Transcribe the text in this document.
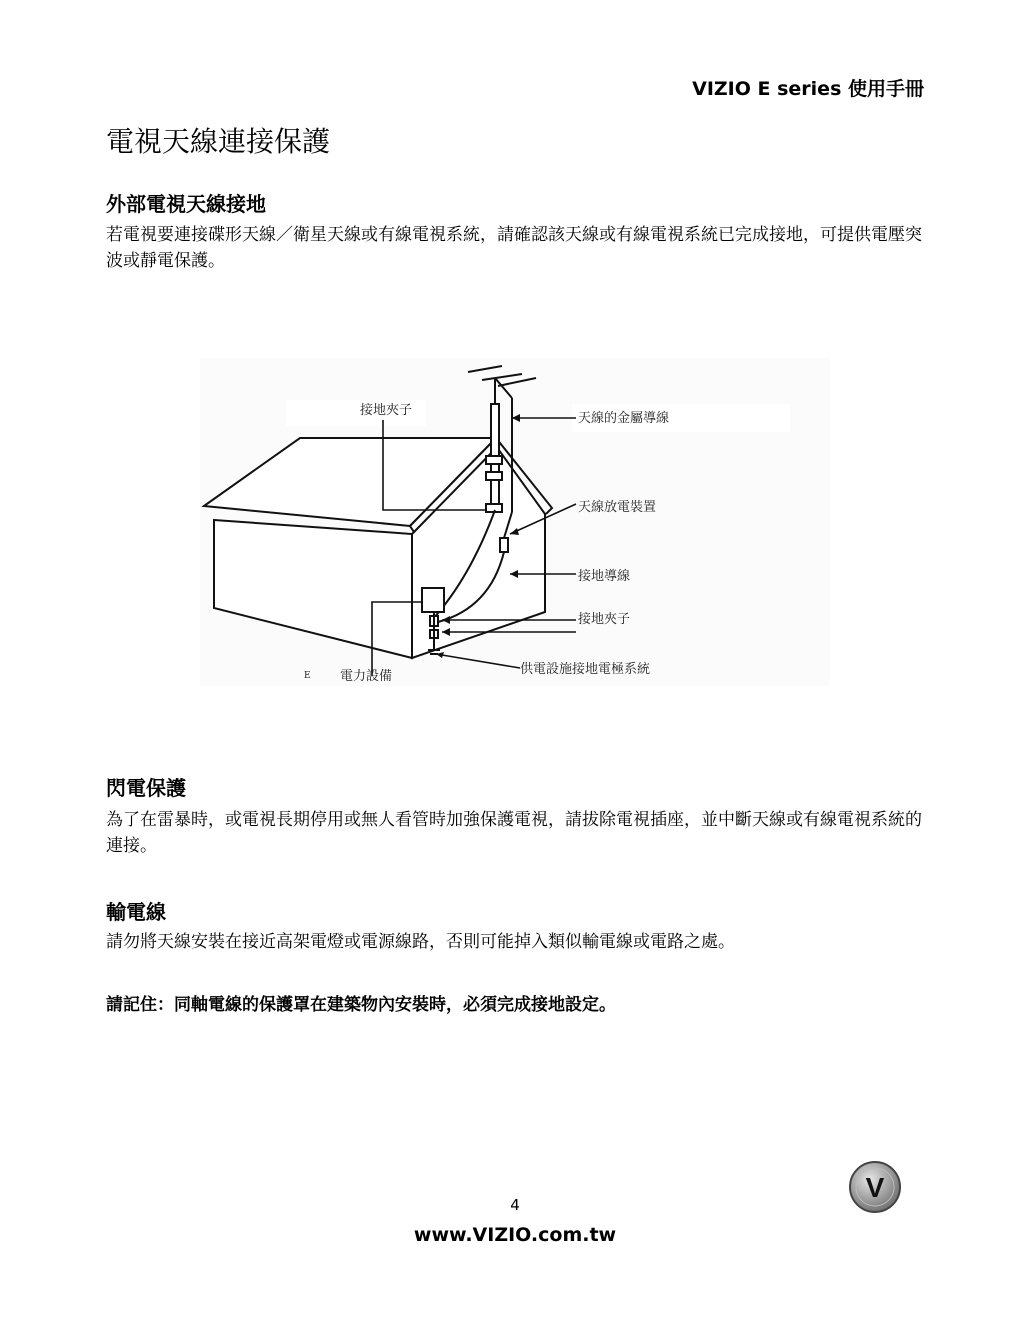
VIZIO E series 使用手冊
電視天線連接保護
外部電視天線接地

若電視要連接碟形天線／衛星天線或有線電視系統，請確認該天線或有線電視系統已完成接地，可提供電壓突波或靜電保護。

接地夾子
天線的金屬導線
天線放電裝置
接地導線
接地夾子
供電設施接地電極系統
電力設備
E
閃電保護

為了在雷暴時，或電視長期停用或無人看管時加強保護電視，請拔除電視插座，並中斷天線或有線電視系統的連接。

輸電線

請勿將天線安裝在接近高架電燈或電源線路，否則可能掉入類似輸電線或電路之處。

請記住：同軸電線的保護罩在建築物內安裝時，必須完成接地設定。

4
V
www.VIZIO.com.tw
